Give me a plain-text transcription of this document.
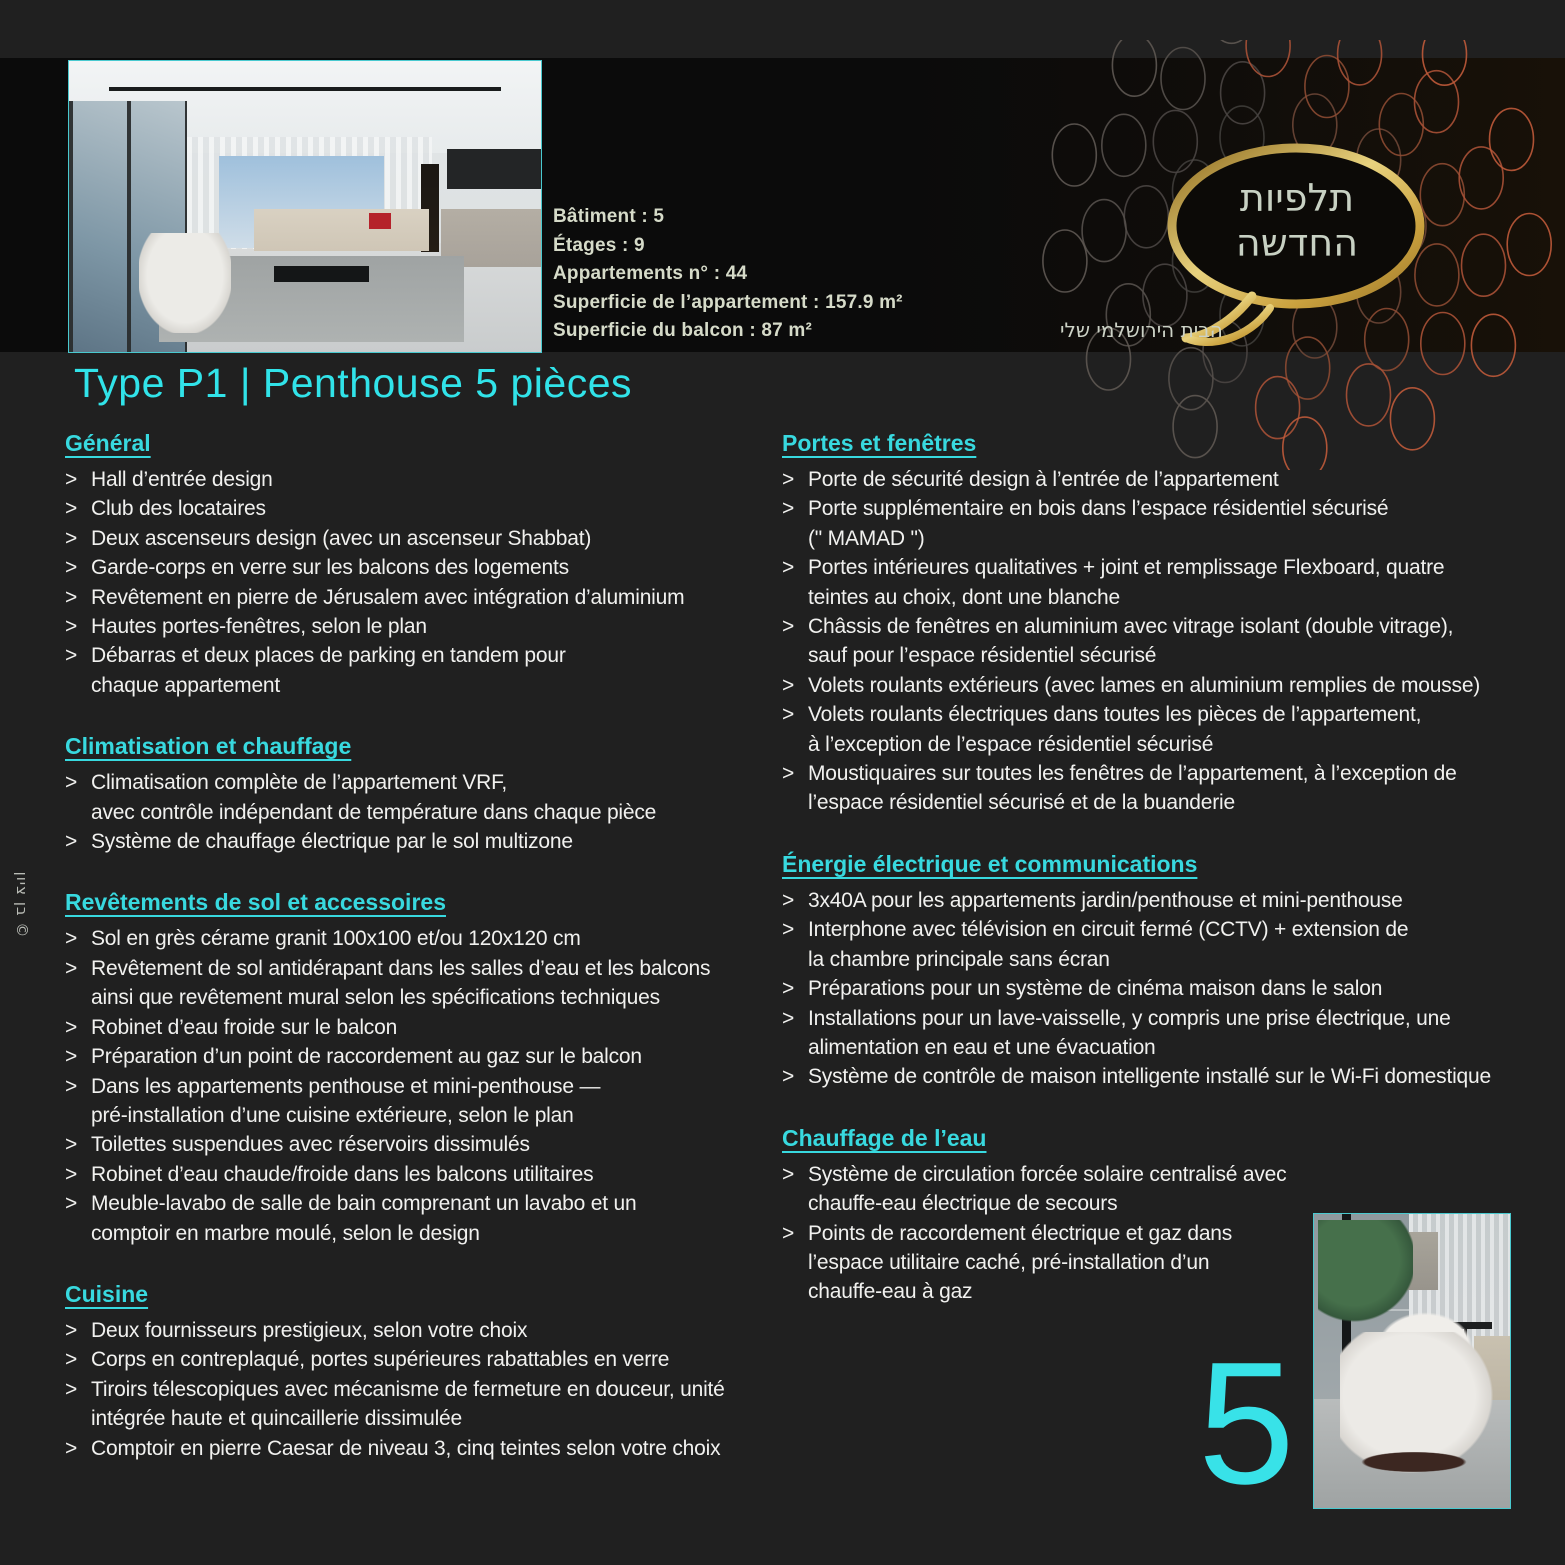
Bâtiment : 5
Étages : 9
Appartements n° : 44
Superficie de l’appartement : 157.9 m²
Superficie du balcon : 87 m²
תלפיות
החדשה
הבית הירושלמי שלי
Type P1 | Penthouse 5 pièces
Général
> Hall d’entrée design
> Club des locataires
> Deux ascenseurs design (avec un ascenseur Shabbat)
> Garde-corps en verre sur les balcons des logements
> Revêtement en pierre de Jérusalem avec intégration d’aluminium
> Hautes portes-fenêtres, selon le plan
> Débarras et deux places de parking en tandem pour
chaque appartement
Climatisation et chauffage
> Climatisation complète de l’appartement VRF,
avec contrôle indépendant de température dans chaque pièce
> Système de chauffage électrique par le sol multizone
Revêtements de sol et accessoires
> Sol en grès cérame granit 100x100 et/ou 120x120 cm
> Revêtement de sol antidérapant dans les salles d’eau et les balcons
ainsi que revêtement mural selon les spécifications techniques
> Robinet d’eau froide sur le balcon
> Préparation d’un point de raccordement au gaz sur le balcon
> Dans les appartements penthouse et mini-penthouse —
pré-installation d’une cuisine extérieure, selon le plan
> Toilettes suspendues avec réservoirs dissimulés
> Robinet d’eau chaude/froide dans les balcons utilitaires
> Meuble-lavabo de salle de bain comprenant un lavabo et un
comptoir en marbre moulé, selon le design
Cuisine
> Deux fournisseurs prestigieux, selon votre choix
> Corps en contreplaqué, portes supérieures rabattables en verre
> Tiroirs télescopiques avec mécanisme de fermeture en douceur, unité
intégrée haute et quincaillerie dissimulée
> Comptoir en pierre Caesar de niveau 3, cinq teintes selon votre choix
Portes et fenêtres
> Porte de sécurité design à l’entrée de l’appartement
> Porte supplémentaire en bois dans l’espace résidentiel sécurisé
(" MAMAD ")
> Portes intérieures qualitatives + joint et remplissage Flexboard, quatre
teintes au choix, dont une blanche
> Châssis de fenêtres en aluminium avec vitrage isolant (double vitrage),
sauf pour l’espace résidentiel sécurisé
> Volets roulants extérieurs (avec lames en aluminium remplies de mousse)
> Volets roulants électriques dans toutes les pièces de l’appartement,
à l’exception de l’espace résidentiel sécurisé
> Moustiquaires sur toutes les fenêtres de l’appartement, à l’exception de
l’espace résidentiel sécurisé et de la buanderie
Énergie électrique et communications
> 3x40A pour les appartements jardin/penthouse et mini-penthouse
> Interphone avec télévision en circuit fermé (CCTV) + extension de
la chambre principale sans écran
> Préparations pour un système de cinéma maison dans le salon
> Installations pour un lave-vaisselle, y compris une prise électrique, une
alimentation en eau et une évacuation
> Système de contrôle de maison intelligente installé sur le Wi-Fi domestique
Chauffage de l’eau
> Système de circulation forcée solaire centralisé avec
chauffe-eau électrique de secours
> Points de raccordement électrique et gaz dans
l’espace utilitaire caché, pré-installation d’un
chauffe-eau à gaz
5
בן ציון ©
